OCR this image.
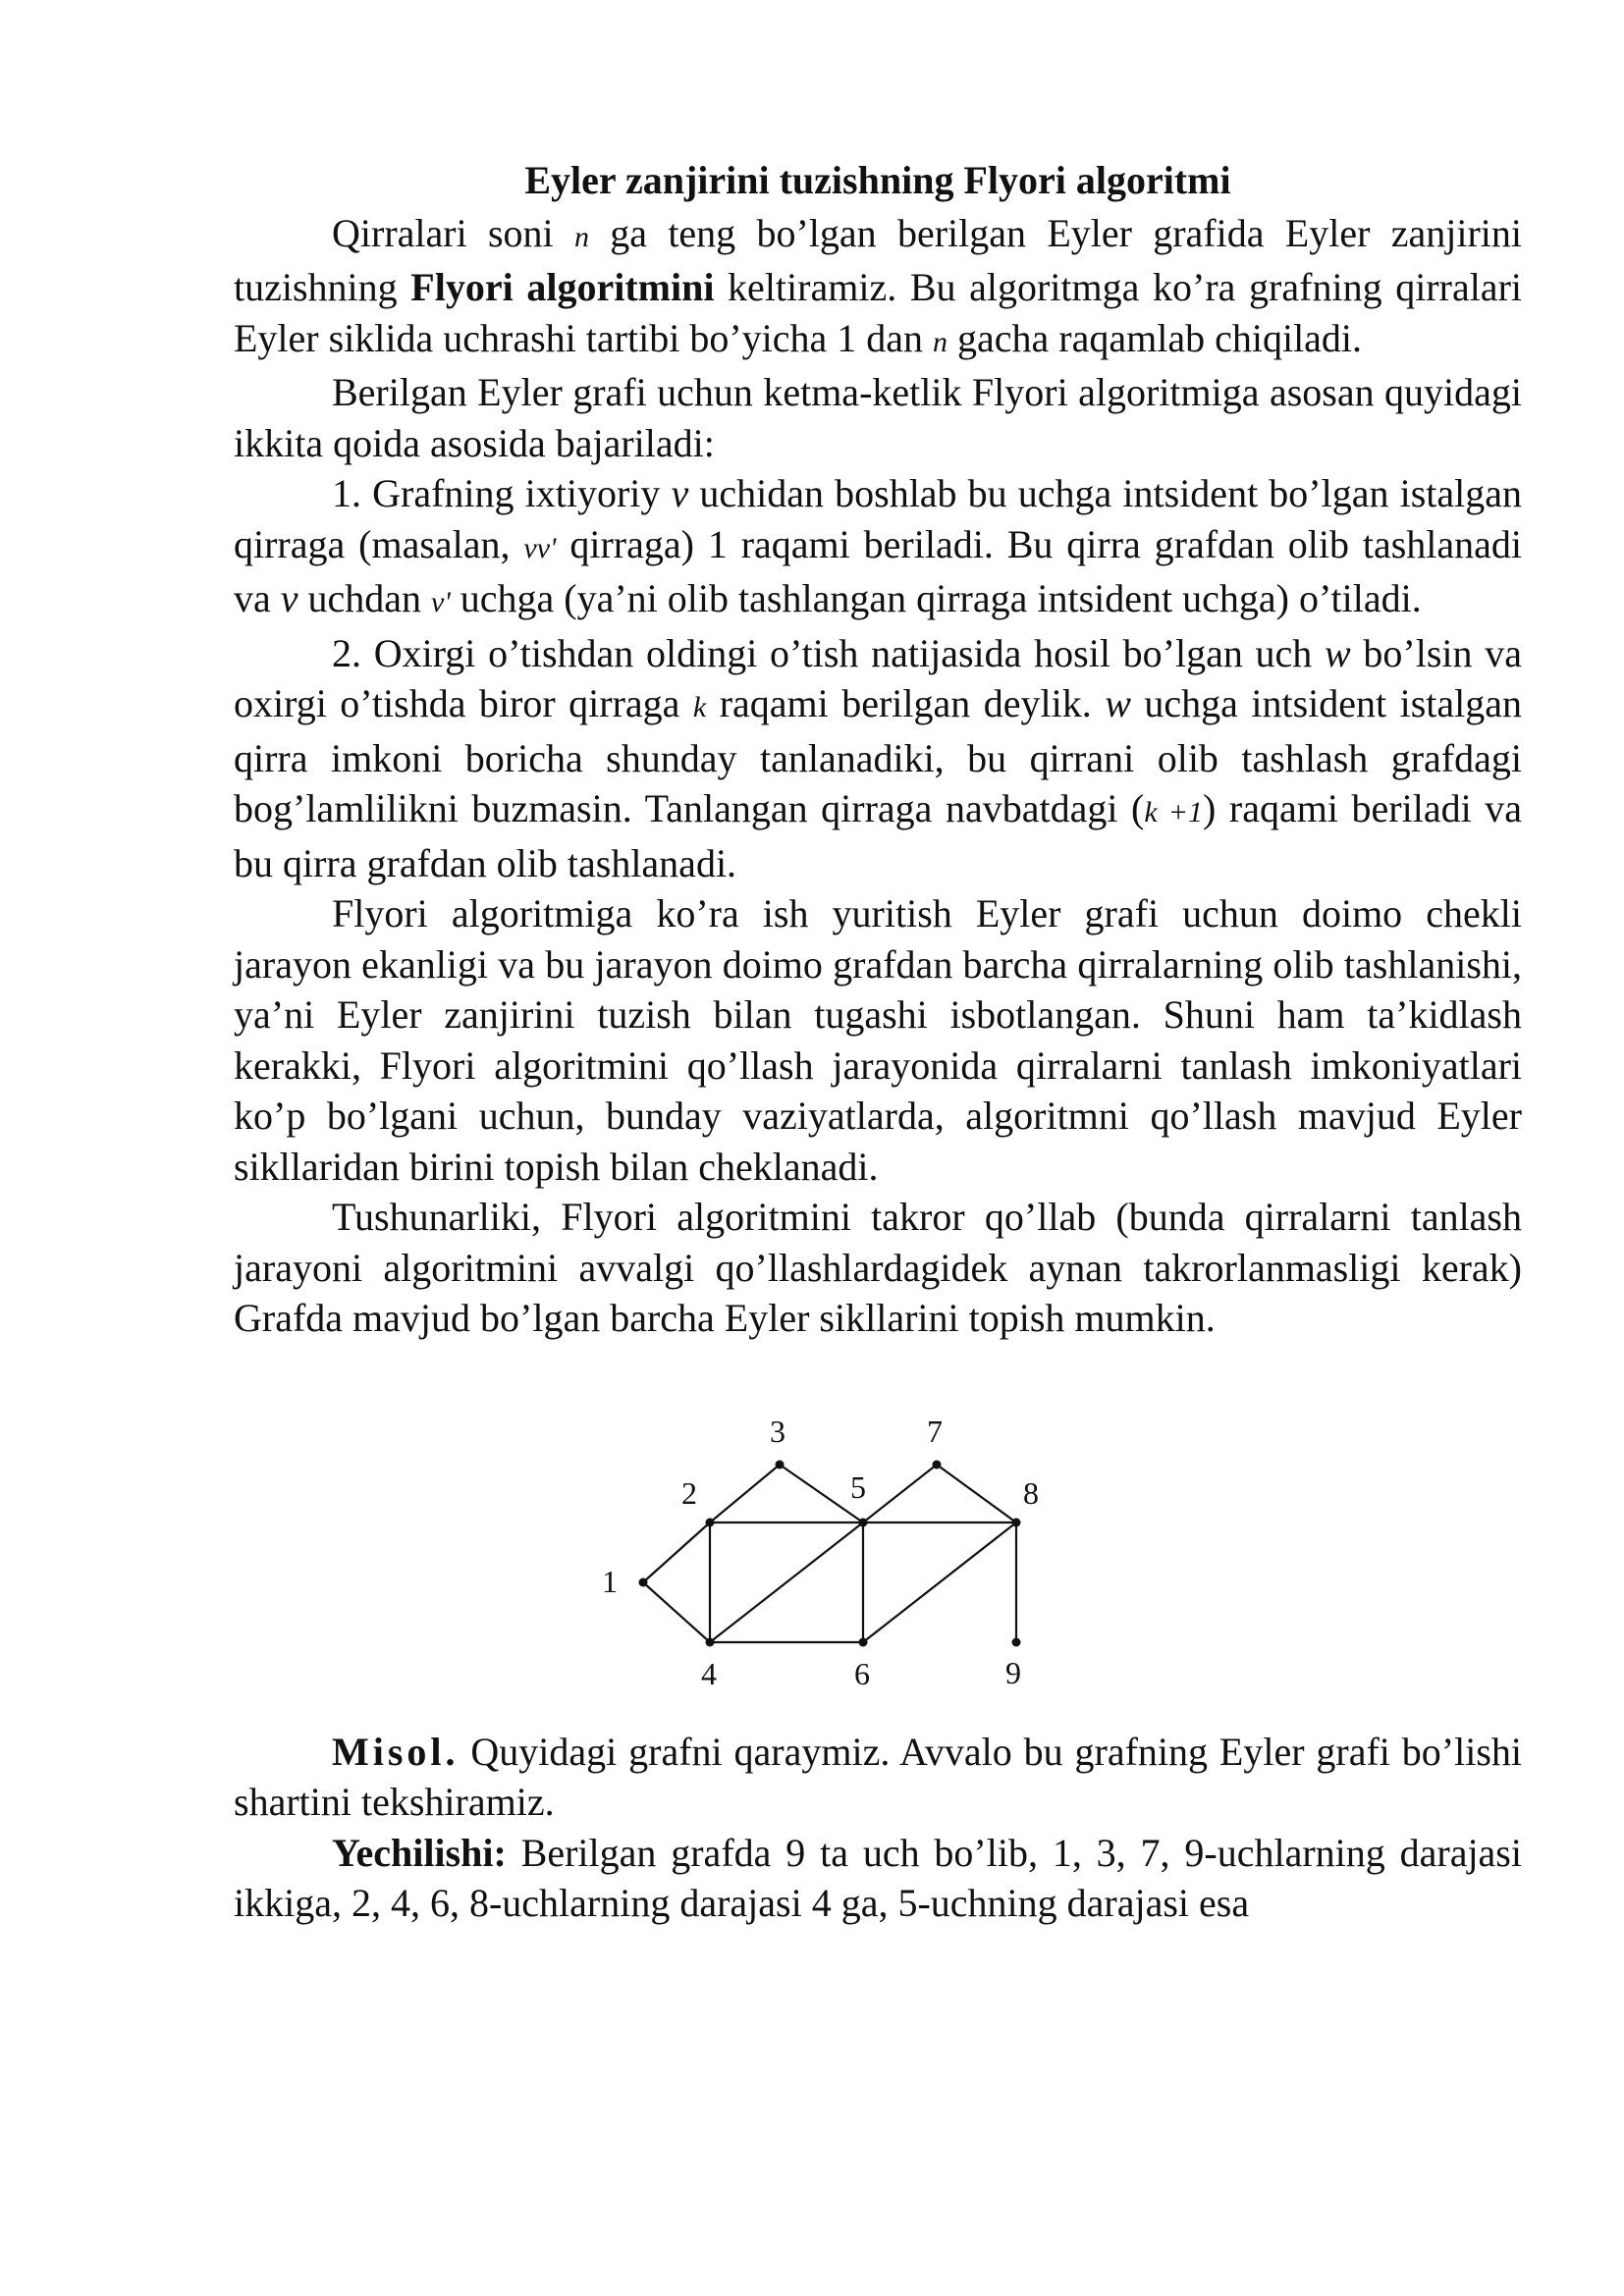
Eyler zanjirini tuzishning Flyori algoritmi

Qirralari soni n ga teng bo’lgan berilgan Eyler grafida Eyler zanjirini tuzishning Flyori algoritmini keltiramiz. Bu algoritmga ko’ra grafning qirralari Eyler siklida uchrashi tartibi bo’yicha 1 dan n gacha raqamlab chiqiladi.

Berilgan Eyler grafi uchun ketma-ketlik Flyori algoritmiga asosan quyidagi ikkita qoida asosida bajariladi:

1. Grafning ixtiyoriy v uchidan boshlab bu uchga intsident bo’lgan istalgan qirraga (masalan, vv' qirraga) 1 raqami beriladi. Bu qirra grafdan olib tashlanadi va v uchdan v' uchga (ya’ni olib tashlangan qirraga intsident uchga) o’tiladi.

2. Oxirgi o’tishdan oldingi o’tish natijasida hosil bo’lgan uch w bo’lsin va oxirgi o’tishda biror qirraga k raqami berilgan deylik. w uchga intsident istalgan qirra imkoni boricha shunday tanlanadiki, bu qirrani olib tashlash grafdagi bog’lamlilikni buzmasin. Tanlangan qirraga navbatdagi (k +1) raqami beriladi va bu qirra grafdan olib tashlanadi.

Flyori algoritmiga ko’ra ish yuritish Eyler grafi uchun doimo chekli jarayon ekanligi va bu jarayon doimo grafdan barcha qirralarning olib tashlanishi, ya’ni Eyler zanjirini tuzish bilan tugashi isbotlangan. Shuni ham ta’kidlash kerakki, Flyori algoritmini qo’llash jarayonida qirralarni tanlash imkoniyatlari ko’p bo’lgani uchun, bunday vaziyatlarda, algoritmni qo’llash mavjud Eyler sikllaridan birini topish bilan cheklanadi.

Tushunarliki, Flyori algoritmini takror qo’llab (bunda qirralarni tanlash jarayoni algoritmini avvalgi qo’llashlardagidek aynan takrorlanmasligi kerak) Grafda mavjud bo’lgan barcha Eyler sikllarini topish mumkin.

1
2
3
4
5
6
7
8
9

Misol. Quyidagi grafni qaraymiz. Avvalo bu grafning Eyler grafi bo’lishi shartini tekshiramiz.

Yechilishi: Berilgan grafda 9 ta uch bo’lib, 1, 3, 7, 9-uchlarning darajasi ikkiga, 2, 4, 6, 8-uchlarning darajasi 4 ga, 5-uchning darajasi esa
